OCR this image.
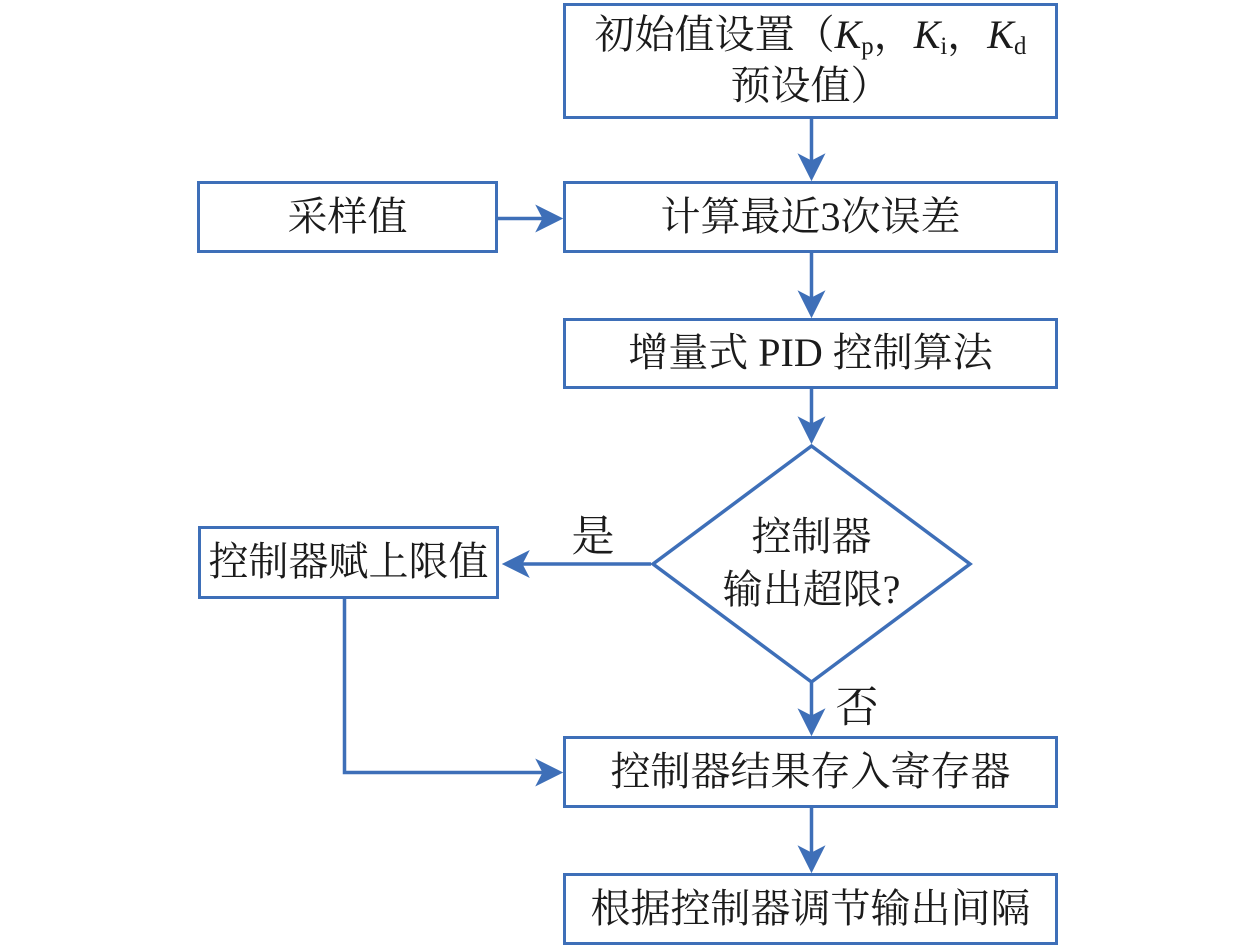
初始值设置（$K_p$，$K_i$，$K_d$
预设值）
采样值	计算最近3次误差
增量式 PID 控制算法
控制器
输出超限?
控制器赋上限值
控制器结果存入寄存器
根据控制器调节输出间隔
是
否
